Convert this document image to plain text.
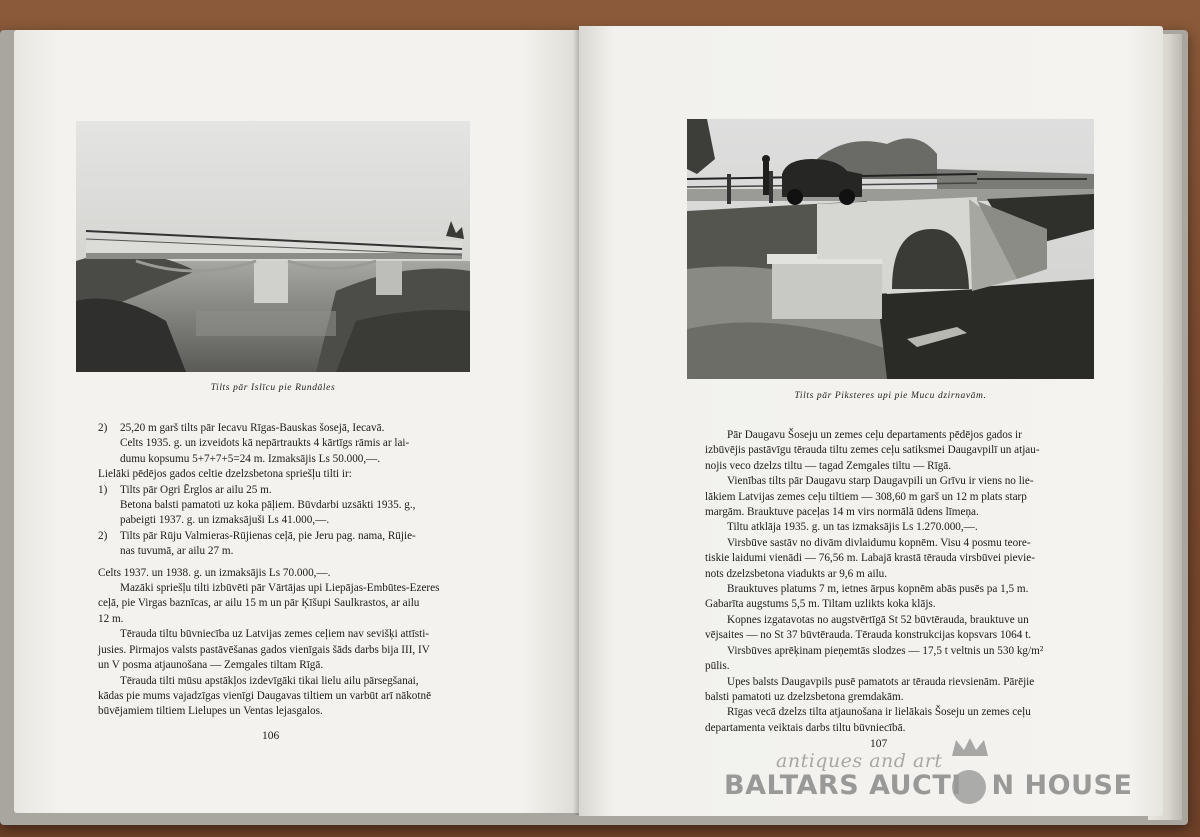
Tilts pār Islīcu pie Rundāles

2) 25,20 m garš tilts pār Iecavu Rīgas-Bauskas šosejā, Iecavā.

Celts 1935. g. un izveidots kā nepārtraukts 4 kārtīgs rāmis ar lai-

dumu kopsumu 5+7+7+5=24 m. Izmaksājis Ls 50.000,—.

Lielāki pēdējos gados celtie dzelzsbetona spriešļu tilti ir:

1) Tilts pār Ogri Ērglos ar ailu 25 m.

Betona balsti pamatoti uz koka pāļiem. Būvdarbi uzsākti 1935. g.,

pabeigti 1937. g. un izmaksājuši Ls 41.000,—.

2) Tilts pār Rūju Valmieras-Rūjienas ceļā, pie Jeru pag. nama, Rūjie-

nas tuvumā, ar ailu 27 m.

Celts 1937. un 1938. g. un izmaksājis Ls 70.000,—.

Mazāki spriešļu tilti izbūvēti pār Vārtājas upi Liepājas-Embūtes-Ezeres

ceļā, pie Virgas baznīcas, ar ailu 15 m un pār Ķīšupi Saulkrastos, ar ailu

12 m.

Tērauda tiltu būvniecība uz Latvijas zemes ceļiem nav sevišķi attīsti-

jusies. Pirmajos valsts pastāvēšanas gados vienīgais šāds darbs bija III, IV

un V posma atjaunošana — Zemgales tiltam Rīgā.

Tērauda tilti mūsu apstākļos izdevīgāki tikai lielu ailu pārsegšanai,

kādas pie mums vajadzīgas vienīgi Daugavas tiltiem un varbūt arī nākotnē

būvējamiem tiltiem Lielupes un Ventas lejasgalos.

106
Tilts pār Piksteres upi pie Mucu dzirnavām.

Pār Daugavu Šoseju un zemes ceļu departaments pēdējos gados ir

izbūvējis pastāvīgu tērauda tiltu zemes ceļu satiksmei Daugavpilī un atjau-

nojis veco dzelzs tiltu — tagad Zemgales tiltu — Rīgā.

Vienības tilts pār Daugavu starp Daugavpili un Grīvu ir viens no lie-

lākiem Latvijas zemes ceļu tiltiem — 308,60 m garš un 12 m plats starp

margām. Brauktuve paceļas 14 m virs normālā ūdens līmeņa.

Tiltu atklāja 1935. g. un tas izmaksājis Ls 1.270.000,—.

Virsbūve sastāv no divām divlaidumu kopnēm. Visu 4 posmu teore-

tiskie laidumi vienādi — 76,56 m. Labajā krastā tērauda virsbūvei pievie-

nots dzelzsbetona viadukts ar 9,6 m ailu.

Brauktuves platums 7 m, ietnes ārpus kopnēm abās pusēs pa 1,5 m.

Gabarīta augstums 5,5 m. Tiltam uzlikts koka klājs.

Kopnes izgatavotas no augstvērtīgā St 52 būvtērauda, brauktuve un

vējsaites — no St 37 būvtērauda. Tērauda konstrukcijas kopsvars 1064 t.

Virsbūves aprēķinam pieņemtās slodzes — 17,5 t veltnis un 530 kg/m²

pūlis.

Upes balsts Daugavpils pusē pamatots ar tērauda rievsienām. Pārējie

balsti pamatoti uz dzelzsbetona gremdakām.

Rīgas vecā dzelzs tilta atjaunošana ir lielākais Šoseju un zemes ceļu

departamenta veiktais darbs tiltu būvniecībā.

107
antiques and art
BALTARS AUCTI   N HOUSE
